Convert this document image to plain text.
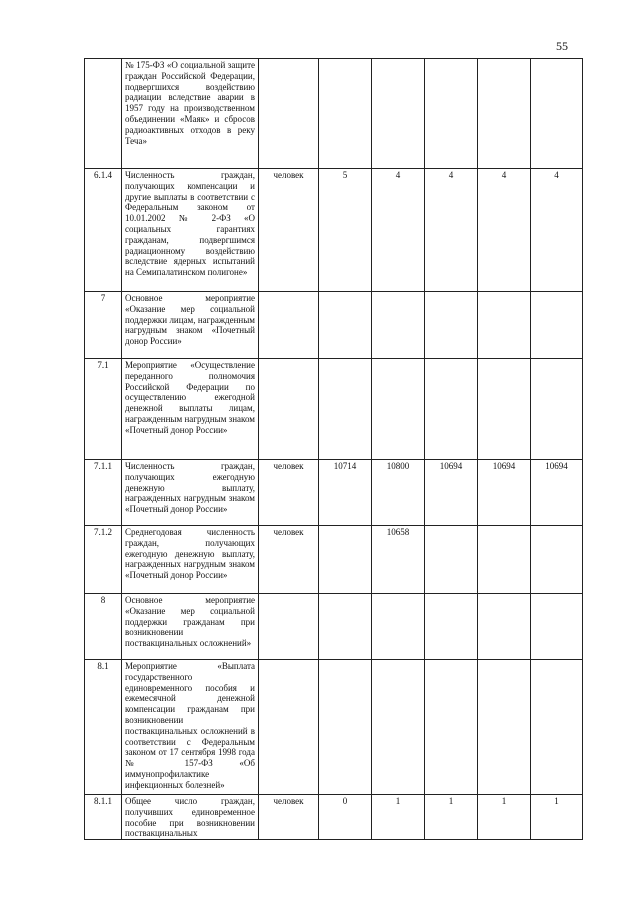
55
	№ 175-ФЗ «О социальной защите граждан Российской Федерации, подвергшихся воздействию радиации вследствие аварии в 1957 году на производственном объединении «Маяк» и сбросов радиоактивных отходов в реку Теча»						
6.1.4	Численность граждан, получающих компенсации и другие выплаты в соответствии с Федеральным законом от 10.01.2002 № 2-ФЗ «О социальных гарантиях гражданам, подвергшимся радиационному воздействию вследствие ядерных испытаний на Семипалатинском полигоне»	человек	5	4	4	4	4
7	Основное мероприятие «Оказание мер социальной поддержки лицам, награжденным нагрудным знаком «Почетный донор России»						
7.1	Мероприятие «Осуществление переданного полномочия Российской Федерации по осуществлению ежегодной денежной выплаты лицам, награжденным нагрудным знаком «Почетный донор России»						
7.1.1	Численность граждан, получающих ежегодную денежную выплату, награжденных нагрудным знаком «Почетный донор России»	человек	10714	10800	10694	10694	10694
7.1.2	Среднегодовая численность граждан, получающих ежегодную денежную выплату, награжденных нагрудным знаком «Почетный донор России»	человек		10658			
8	Основное мероприятие «Оказание мер социальной поддержки гражданам при возникновении поствакцинальных осложнений»						
8.1	Мероприятие «Выплата государственного единовременного пособия и ежемесячной денежной компенсации гражданам при возникновении поствакцинальных осложнений в соответствии с Федеральным законом от 17 сентября 1998 года № 157-ФЗ «Об иммунопрофилактике инфекционных болезней»						
8.1.1	Общее число граждан, получивших единовременное пособие при возникновении поствакцинальных	человек	0	1	1	1	1
